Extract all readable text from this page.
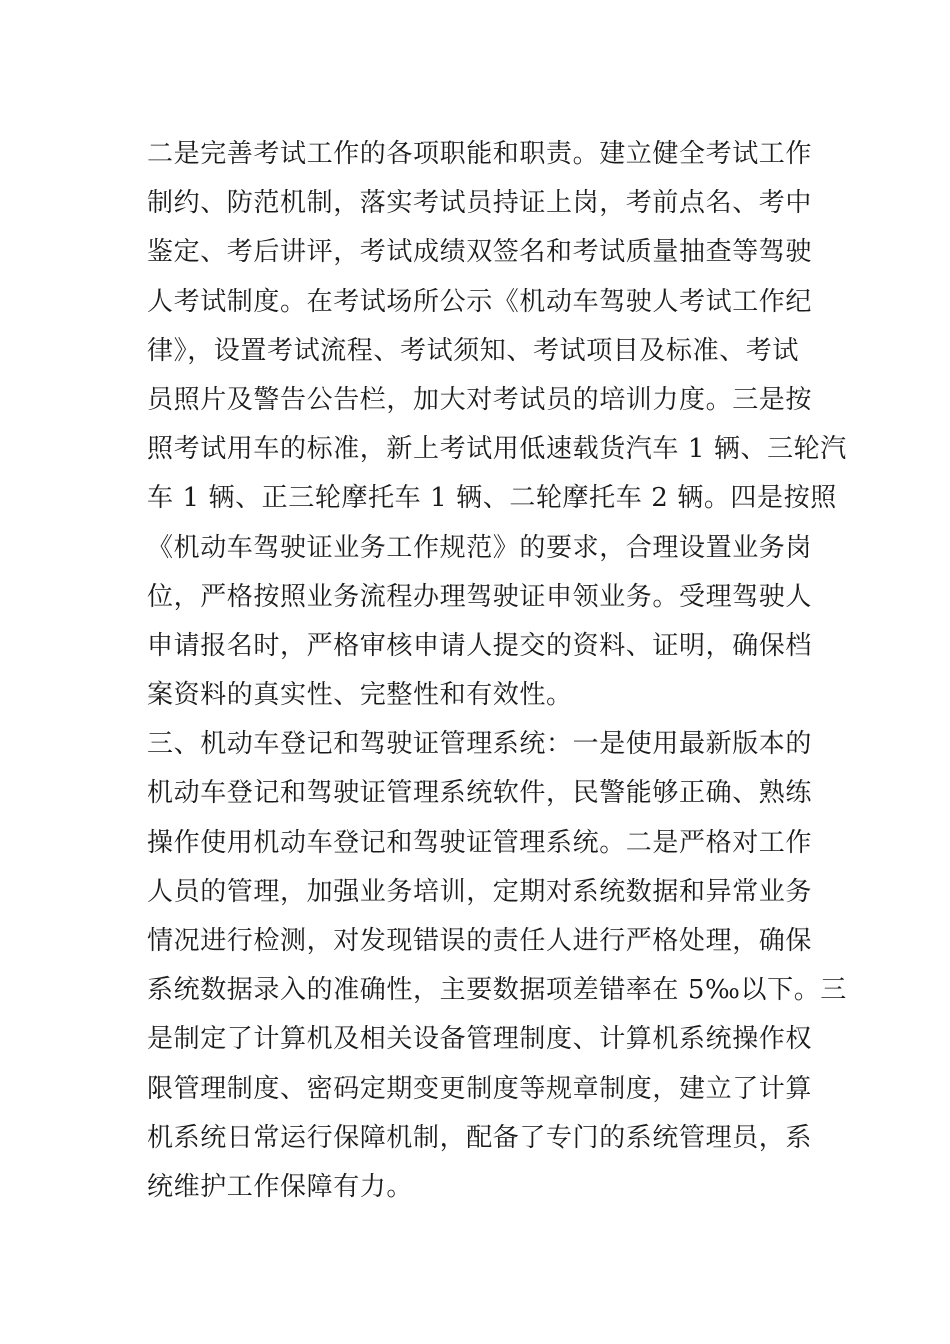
二是完善考试工作的各项职能和职责。建立健全考试工作
制约、防范机制，落实考试员持证上岗，考前点名、考中
鉴定、考后讲评，考试成绩双签名和考试质量抽查等驾驶
人考试制度。在考试场所公示《机动车驾驶人考试工作纪
律》，设置考试流程、考试须知、考试项目及标准、考试
员照片及警告公告栏，加大对考试员的培训力度。三是按
照考试用车的标准，新上考试用低速载货汽车 1 辆、三轮汽
车 1 辆、正三轮摩托车 1 辆、二轮摩托车 2 辆。四是按照
《机动车驾驶证业务工作规范》的要求，合理设置业务岗
位，严格按照业务流程办理驾驶证申领业务。受理驾驶人
申请报名时，严格审核申请人提交的资料、证明，确保档
案资料的真实性、完整性和有效性。
三、机动车登记和驾驶证管理系统：一是使用最新版本的
机动车登记和驾驶证管理系统软件，民警能够正确、熟练
操作使用机动车登记和驾驶证管理系统。二是严格对工作
人员的管理，加强业务培训，定期对系统数据和异常业务
情况进行检测，对发现错误的责任人进行严格处理，确保
系统数据录入的准确性，主要数据项差错率在 5‰以下。三
是制定了计算机及相关设备管理制度、计算机系统操作权
限管理制度、密码定期变更制度等规章制度，建立了计算
机系统日常运行保障机制，配备了专门的系统管理员，系
统维护工作保障有力。
